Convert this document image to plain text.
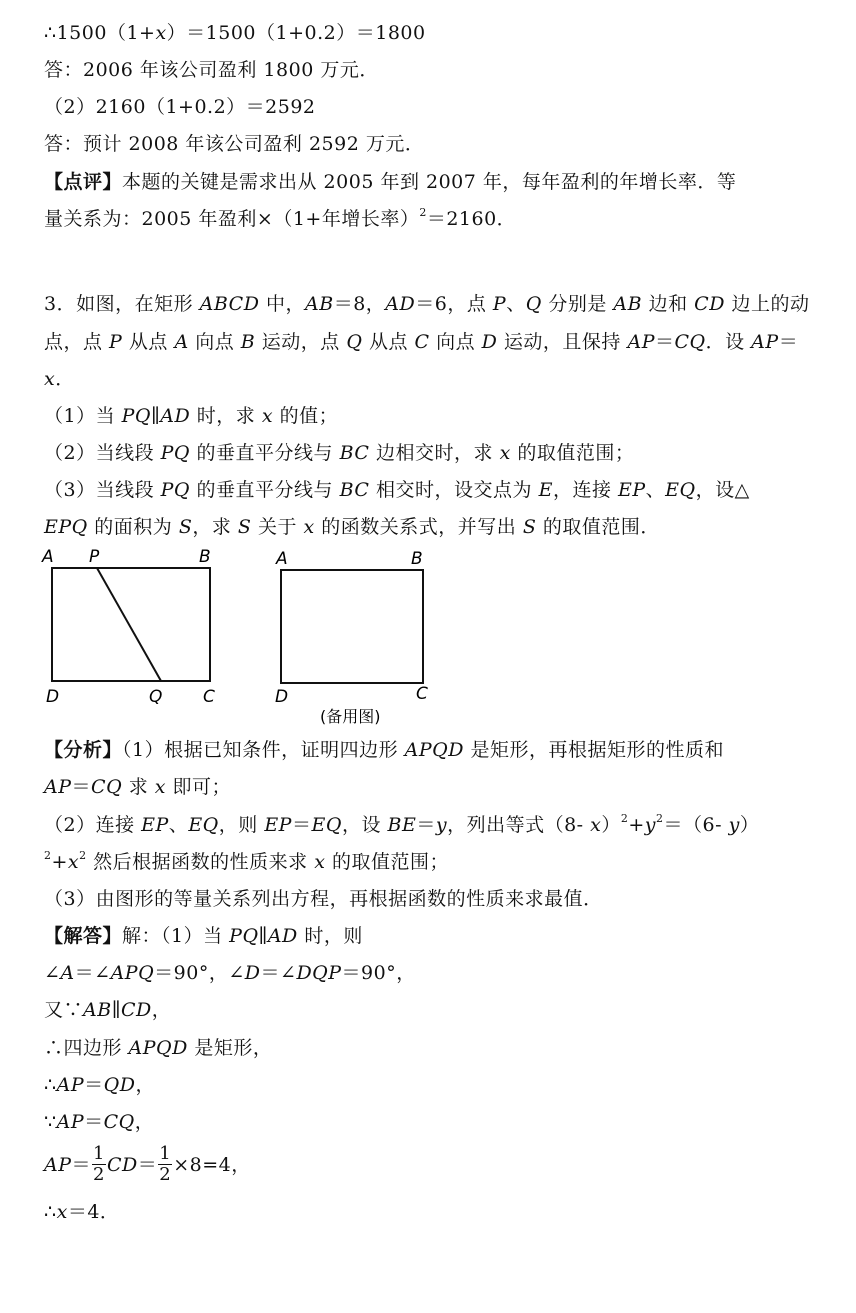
∴1500（1+x）＝1500（1+0.2）＝1800
答：2006 年该公司盈利 1800 万元．
（2）2160（1+0.2）＝2592
答：预计 2008 年该公司盈利 2592 万元．
【点评】本题的关键是需求出从 2005 年到 2007 年，每年盈利的年增长率．等
量关系为：2005 年盈利×（1+年增长率）$^2$＝2160．
3．如图，在矩形 ABCD 中，AB＝8，AD＝6，点 P、Q 分别是 AB 边和 CD 边上的动
点，点 P 从点 A 向点 B 运动，点 Q 从点 C 向点 D 运动，且保持 AP＝CQ．设 AP＝
x．
（1）当 PQ∥AD 时，求 x 的值；
（2）当线段 PQ 的垂直平分线与 BC 边相交时，求 x 的取值范围；
（3）当线段 PQ 的垂直平分线与 BC 相交时，设交点为 E，连接 EP、EQ，设△
EPQ 的面积为 S，求 S 关于 x 的函数关系式，并写出 S 的取值范围．
A P	B
D	Q C
A	B
D	C
(备用图)
【分析】（1）根据已知条件，证明四边形 APQD 是矩形，再根据矩形的性质和
AP＝CQ 求 x 即可；
（2）连接 EP、EQ，则 EP＝EQ，设 BE＝y，列出等式（8- $x)^2+y^2=(6-$ y）
$^2+x^2$ 然后根据函数的性质来求 x 的取值范围；
（3）由图形的等量关系列出方程，再根据函数的性质来求最值．
【解答】解：（1）当 PQ∥AD 时，则
∠A＝∠APQ＝90°，∠D＝∠DQP＝90°，
又∵AB∥CD，
∴四边形 APQD 是矩形，
∴AP＝QD，
∵AP＝CQ，
$AP= \frac{1}{2} CD= \frac{1}{2} \times 8=4$，
∴x＝4．
